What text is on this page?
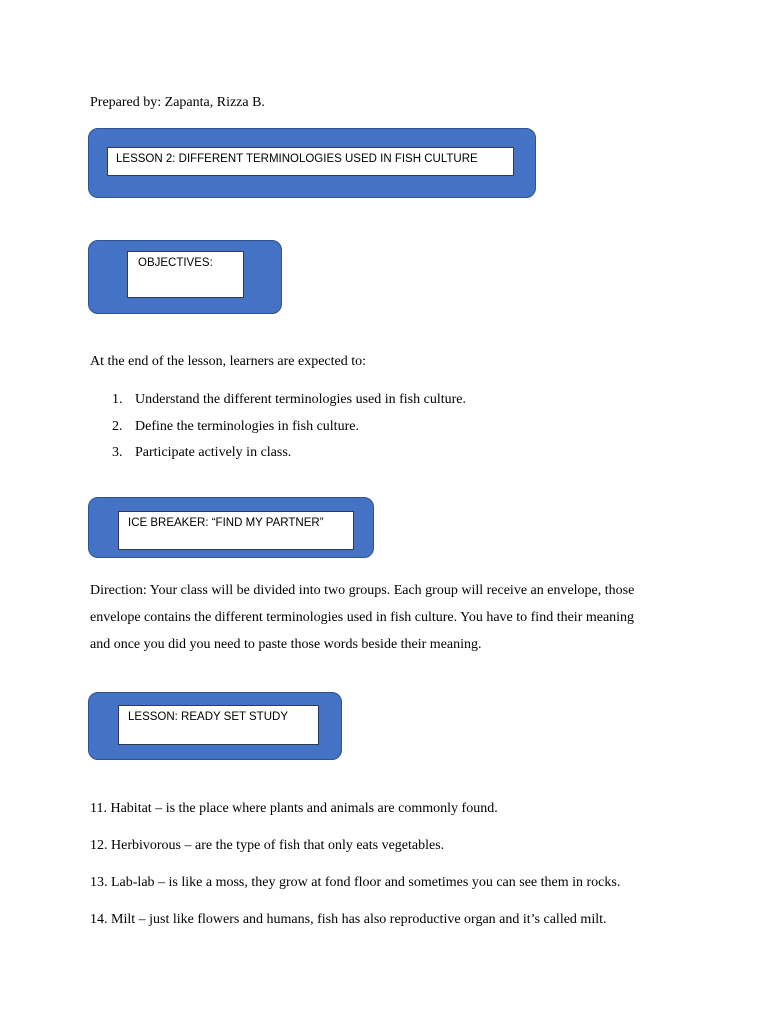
Prepared by: Zapanta, Rizza B.
LESSON 2: DIFFERENT TERMINOLOGIES USED IN FISH CULTURE
OBJECTIVES:
At the end of the lesson, learners are expected to:
1. Understand the different terminologies used in fish culture.
2. Define the terminologies in fish culture.
3. Participate actively in class.
ICE BREAKER: “FIND MY PARTNER”
Direction: Your class will be divided into two groups. Each group will receive an envelope, those
envelope contains the different terminologies used in fish culture. You have to find their meaning
and once you did you need to paste those words beside their meaning.
LESSON: READY SET STUDY
11. Habitat – is the place where plants and animals are commonly found.
12. Herbivorous – are the type of fish that only eats vegetables.
13. Lab-lab – is like a moss, they grow at fond floor and sometimes you can see them in rocks.
14. Milt – just like flowers and humans, fish has also reproductive organ and it’s called milt.
